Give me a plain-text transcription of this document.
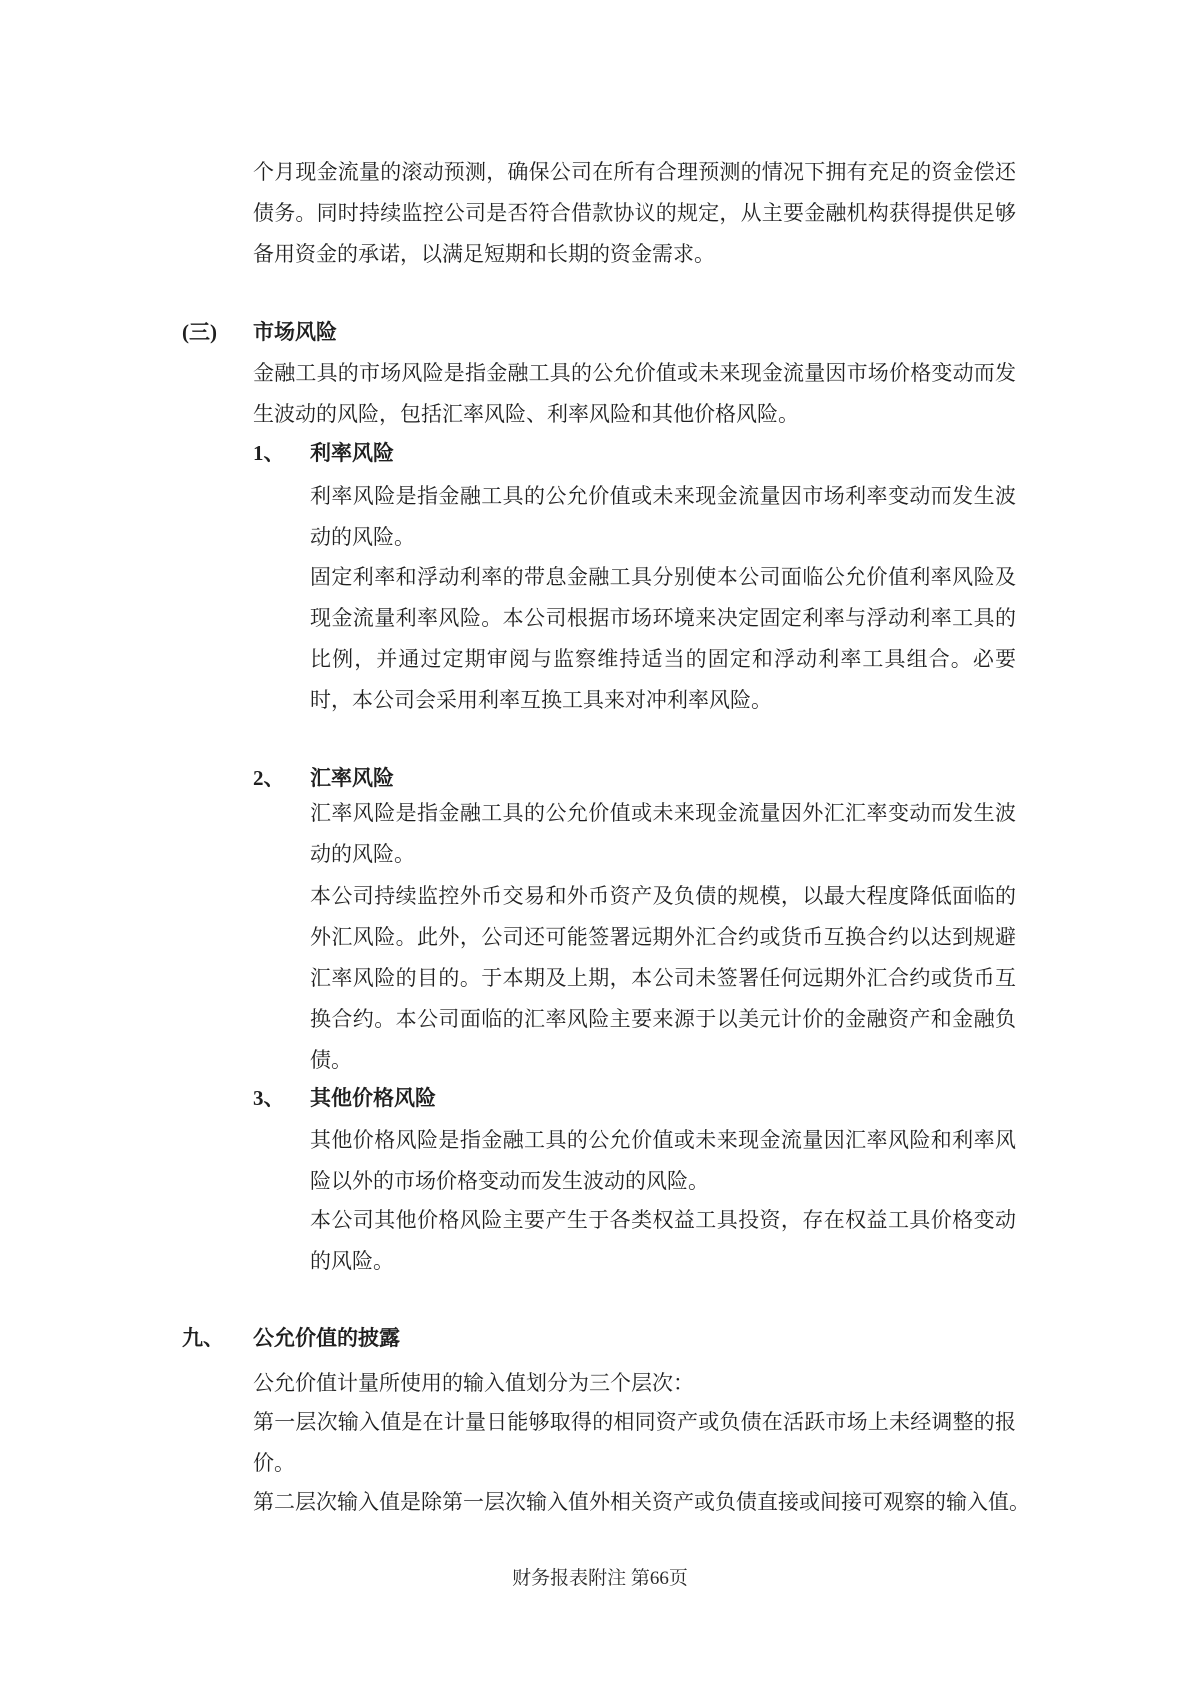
个月现金流量的滚动预测，确保公司在所有合理预测的情况下拥有充足的资金偿还债务。同时持续监控公司是否符合借款协议的规定，从主要金融机构获得提供足够备用资金的承诺，以满足短期和长期的资金需求。

(三) 市场风险

金融工具的市场风险是指金融工具的公允价值或未来现金流量因市场价格变动而发生波动的风险，包括汇率风险、利率风险和其他价格风险。

1、 利率风险

利率风险是指金融工具的公允价值或未来现金流量因市场利率变动而发生波动的风险。

固定利率和浮动利率的带息金融工具分别使本公司面临公允价值利率风险及现金流量利率风险。本公司根据市场环境来决定固定利率与浮动利率工具的比例，并通过定期审阅与监察维持适当的固定和浮动利率工具组合。必要时，本公司会采用利率互换工具来对冲利率风险。

2、 汇率风险

汇率风险是指金融工具的公允价值或未来现金流量因外汇汇率变动而发生波动的风险。

本公司持续监控外币交易和外币资产及负债的规模，以最大程度降低面临的外汇风险。此外，公司还可能签署远期外汇合约或货币互换合约以达到规避汇率风险的目的。于本期及上期，本公司未签署任何远期外汇合约或货币互换合约。本公司面临的汇率风险主要来源于以美元计价的金融资产和金融负债。

3、 其他价格风险

其他价格风险是指金融工具的公允价值或未来现金流量因汇率风险和利率风险以外的市场价格变动而发生波动的风险。

本公司其他价格风险主要产生于各类权益工具投资，存在权益工具价格变动的风险。

九、 公允价值的披露

公允价值计量所使用的输入值划分为三个层次：

第一层次输入值是在计量日能够取得的相同资产或负债在活跃市场上未经调整的报价。

第二层次输入值是除第一层次输入值外相关资产或负债直接或间接可观察的输入值。

财务报表附注 第66页
